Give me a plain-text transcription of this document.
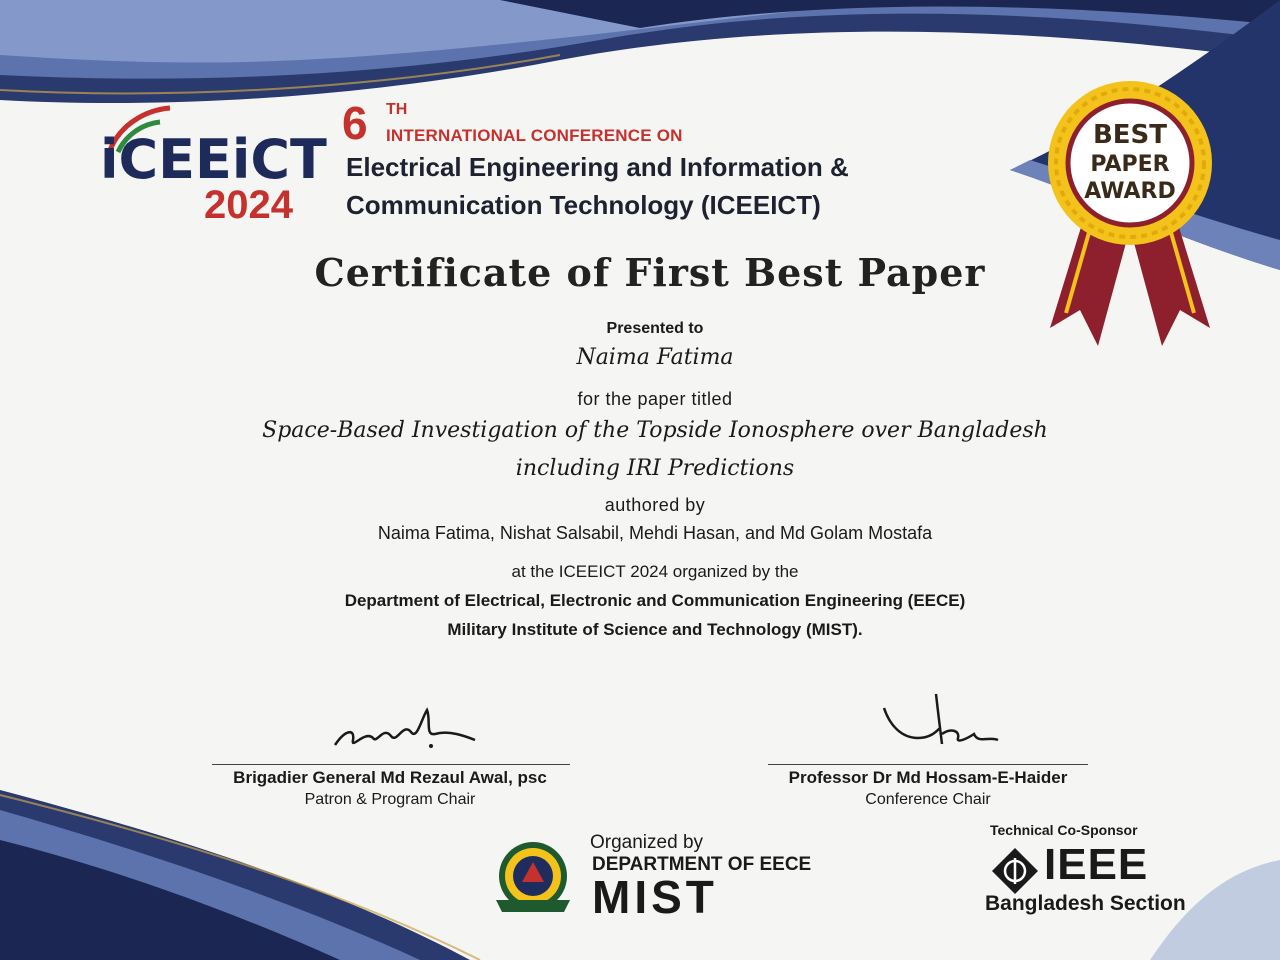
iCEEiCT
2024
6 TH
INTERNATIONAL CONFERENCE ON
Electrical Engineering and Information &
Communication Technology (ICEEICT)
BEST
PAPER
AWARD
Certificate of First Best Paper
Presented to
Naima Fatima
for the paper titled
Space-Based Investigation of the Topside Ionosphere over Bangladesh including IRI Predictions
authored by
Naima Fatima, Nishat Salsabil, Mehdi Hasan, and Md Golam Mostafa
at the ICEEICT 2024 organized by the
Department of Electrical, Electronic and Communication Engineering (EECE)
Military Institute of Science and Technology (MIST).
Brigadier General Md Rezaul Awal, psc
Patron & Program Chair
Professor Dr Md Hossam-E-Haider
Conference Chair
Organized by
DEPARTMENT OF EECE
MIST
Technical Co-Sponsor
IEEE
Bangladesh Section
